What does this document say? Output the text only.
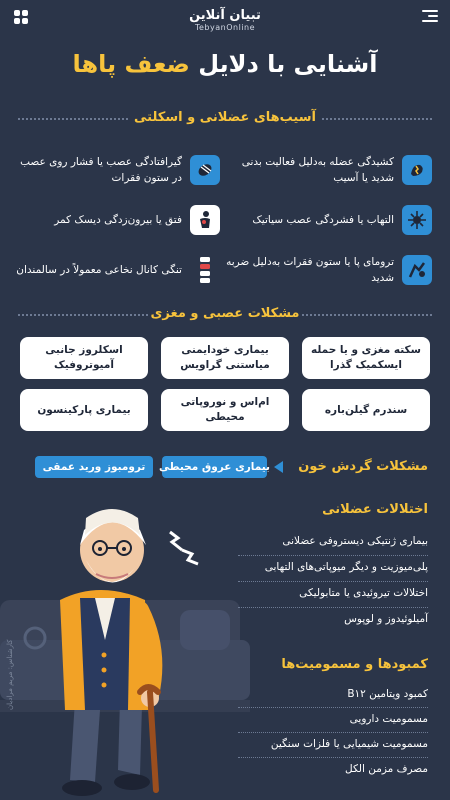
تبیان آنلاین
TebyanOnline
آشنایی با دلایل ضعف پاها
آسیب‌های عضلانی و اسکلتی
کشیدگی عضله به‌دلیل فعالیت بدنی شدید یا آسیب
گیرافتادگی عصب یا فشار روی عصب در ستون فقرات
التهاب یا فشردگی عصب سیاتیک
فتق یا بیرون‌زدگی دیسک کمر
ترومای پا یا ستون فقرات به‌دلیل ضربه شدید
تنگی کانال نخاعی معمولاً در سالمندان
مشکلات عصبی و مغزی
سکته مغزی و یا حمله ایسکمیک گذرا
بیماری خودایمنی میاستنی گراویس
اسکلروز جانبی آمیوتروفیک
سندرم گیلن‌باره
ام‌اس و نوروپاتی محیطی
بیماری پارکینسون
مشکلات گردش خون
بیماری عروق محیطی
ترومبوز ورید عمقی
اختلالات عضلانی
بیماری ژنتیکی دیستروفی عضلانی
پلی‌میوزیت و دیگر میوپاتی‌های التهابی
اختلالات تیروئیدی یا متابولیکی
آمیلوئیدوز و لوپوس
کمبودها و مسمومیت‌ها
کمبود ویتامین B۱۲
مسمومیت دارویی
مسمومیت شیمیایی یا فلزات سنگین
مصرف مزمن الکل
کارشناس: مریم مرادیان
